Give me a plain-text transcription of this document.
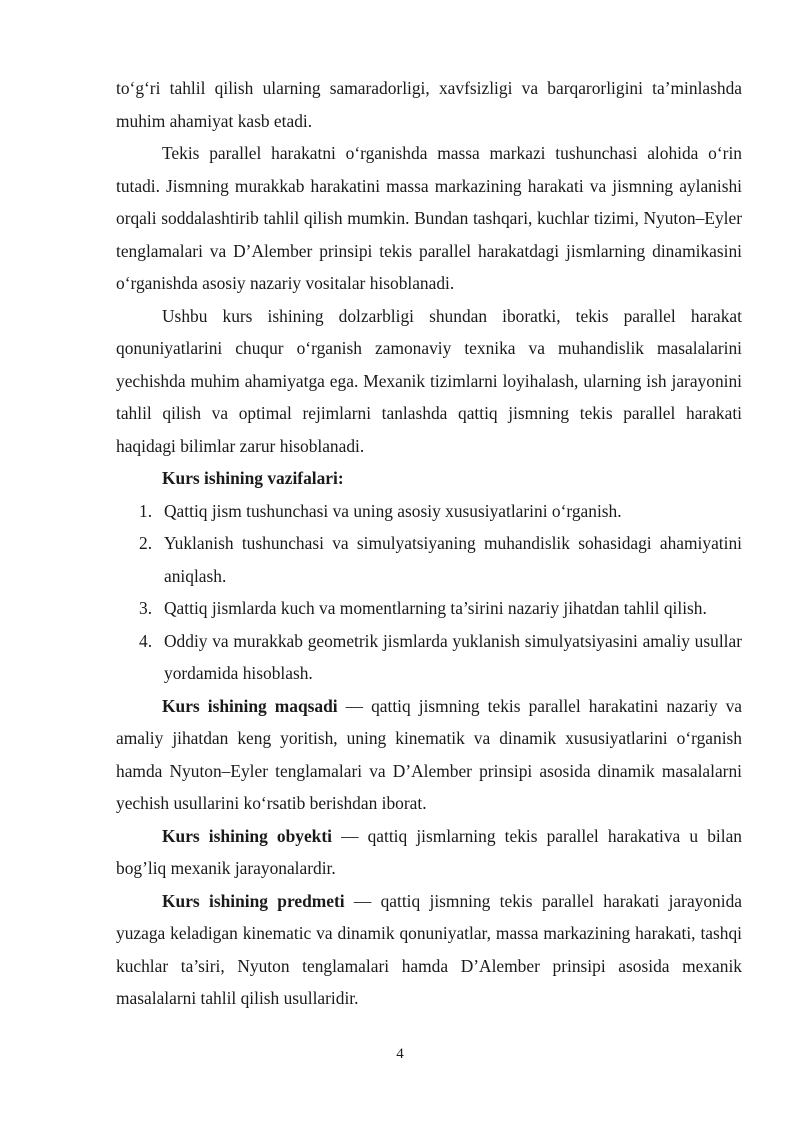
to‘g‘ri tahlil qilish ularning samaradorligi, xavfsizligi va barqarorligini ta’minlashda muhim ahamiyat kasb etadi.

Tekis parallel harakatni o‘rganishda massa markazi tushunchasi alohida o‘rin tutadi. Jismning murakkab harakatini massa markazining harakati va jismning aylanishi orqali soddalashtirib tahlil qilish mumkin. Bundan tashqari, kuchlar tizimi, Nyuton–Eyler tenglamalari va D’Alember prinsipi tekis parallel harakatdagi jismlarning dinamikasini o‘rganishda asosiy nazariy vositalar hisoblanadi.

Ushbu kurs ishining dolzarbligi shundan iboratki, tekis parallel harakat qonuniyatlarini chuqur o‘rganish zamonaviy texnika va muhandislik masalalarini yechishda muhim ahamiyatga ega. Mexanik tizimlarni loyihalash, ularning ish jarayonini tahlil qilish va optimal rejimlarni tanlashda qattiq jismning tekis parallel harakati haqidagi bilimlar zarur hisoblanadi.

Kurs ishining vazifalari:

1. Qattiq jism tushunchasi va uning asosiy xususiyatlarini o‘rganish.
2. Yuklanish tushunchasi va simulyatsiyaning muhandislik sohasidagi ahamiyatini aniqlash.
3. Qattiq jismlarda kuch va momentlarning ta’sirini nazariy jihatdan tahlil qilish.
4. Oddiy va murakkab geometrik jismlarda yuklanish simulyatsiyasini amaliy usullar yordamida hisoblash.

Kurs ishining maqsadi — qattiq jismning tekis parallel harakatini nazariy va amaliy jihatdan keng yoritish, uning kinematik va dinamik xususiyatlarini o‘rganish hamda Nyuton–Eyler tenglamalari va D’Alember prinsipi asosida dinamik masalalarni yechish usullarini ko‘rsatib berishdan iborat.

Kurs ishining obyekti — qattiq jismlarning tekis parallel harakativa u bilan bog’liq mexanik jarayonalardir.

Kurs ishining predmeti — qattiq jismning tekis parallel harakati jarayonida yuzaga keladigan kinematic va dinamik qonuniyatlar, massa markazining harakati, tashqi kuchlar ta’siri, Nyuton tenglamalari hamda D’Alember prinsipi asosida mexanik masalalarni tahlil qilish usullaridir.

4
